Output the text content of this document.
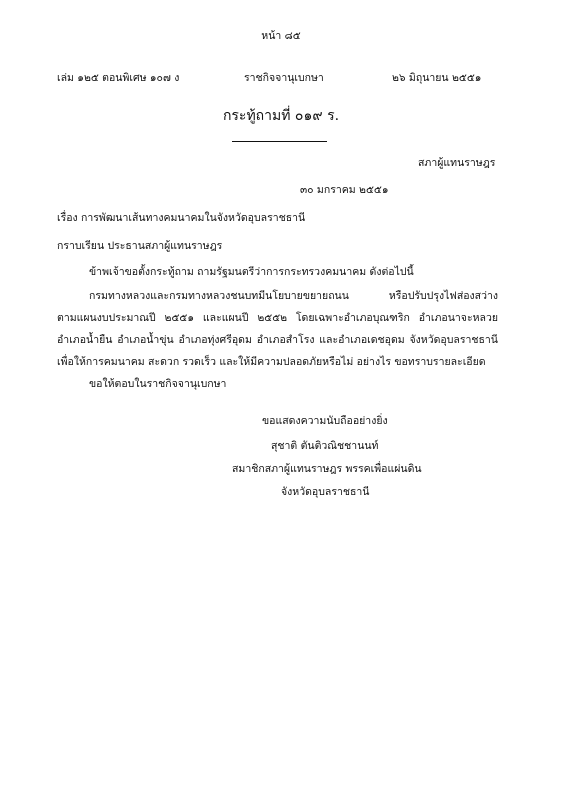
หน้า ๘๕
เล่ม ๑๒๕ ตอนพิเศษ ๑๐๗ ง	ราชกิจจานุเบกษา	๒๖ มิถุนายน ๒๕๕๑
กระทู้ถามที่ ๐๑๙ ร.
สภาผู้แทนราษฎร
๓๐ มกราคม ๒๕๕๑
เรื่อง การพัฒนาเส้นทางคมนาคมในจังหวัดอุบลราชธานี
กราบเรียน ประธานสภาผู้แทนราษฎร
ข้าพเจ้าขอตั้งกระทู้ถาม ถามรัฐมนตรีว่าการกระทรวงคมนาคม ดังต่อไปนี้
กรมทางหลวงและกรมทางหลวงชนบทมีนโยบายขยายถนน หรือปรับปรุงไฟส่องสว่าง
ตามแผนงบประมาณปี ๒๕๕๑ และแผนปี ๒๕๕๒ โดยเฉพาะอำเภอบุณฑริก อำเภอนาจะหลวย
อำเภอน้ำยืน อำเภอน้ำขุ่น อำเภอทุ่งศรีอุดม อำเภอสำโรง และอำเภอเดชอุดม จังหวัดอุบลราชธานี
เพื่อให้การคมนาคม สะดวก รวดเร็ว และให้มีความปลอดภัยหรือไม่ อย่างไร ขอทราบรายละเอียด
ขอให้ตอบในราชกิจจานุเบกษา
ขอแสดงความนับถืออย่างยิ่ง
สุชาติ ตันติวณิชชานนท์
สมาชิกสภาผู้แทนราษฎร พรรคเพื่อแผ่นดิน
จังหวัดอุบลราชธานี
